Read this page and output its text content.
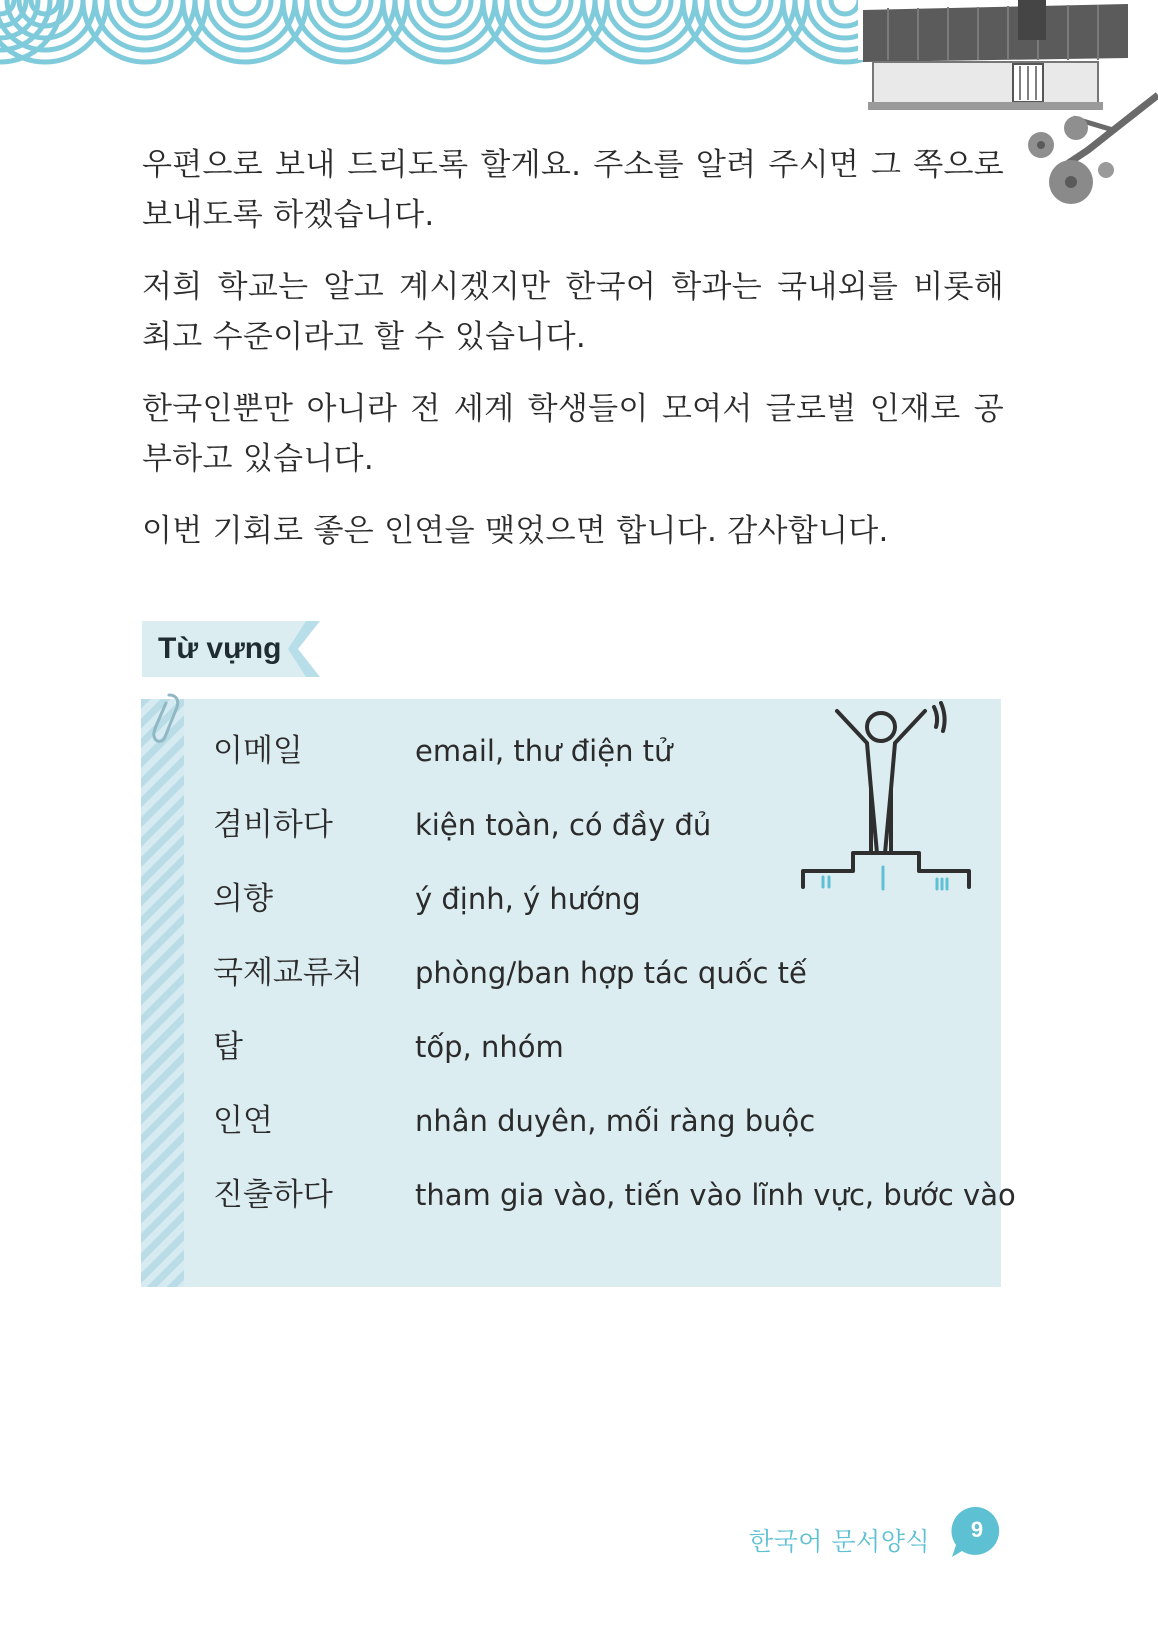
우편으로 보내 드리도록 할게요. 주소를 알려 주시면 그 쪽으로 보내도록 하겠습니다.

저희 학교는 알고 계시겠지만 한국어 학과는 국내외를 비롯해 최고 수준이라고 할 수 있습니다.

한국인뿐만 아니라 전 세계 학생들이 모여서 글로벌 인재로 공부하고 있습니다.

이번 기회로 좋은 인연을 맺었으면 합니다. 감사합니다.

Từ vựng
이메일	email, thư điện tử
겸비하다	kiện toàn, có đầy đủ
의향	ý định, ý hướng
국제교류처 phòng/ban hợp tác quốc tế
탑	tốp, nhóm
인연	nhân duyên, mối ràng buộc
진출하다	tham gia vào, tiến vào lĩnh vực, bước vào
한국어 문서양식	9
